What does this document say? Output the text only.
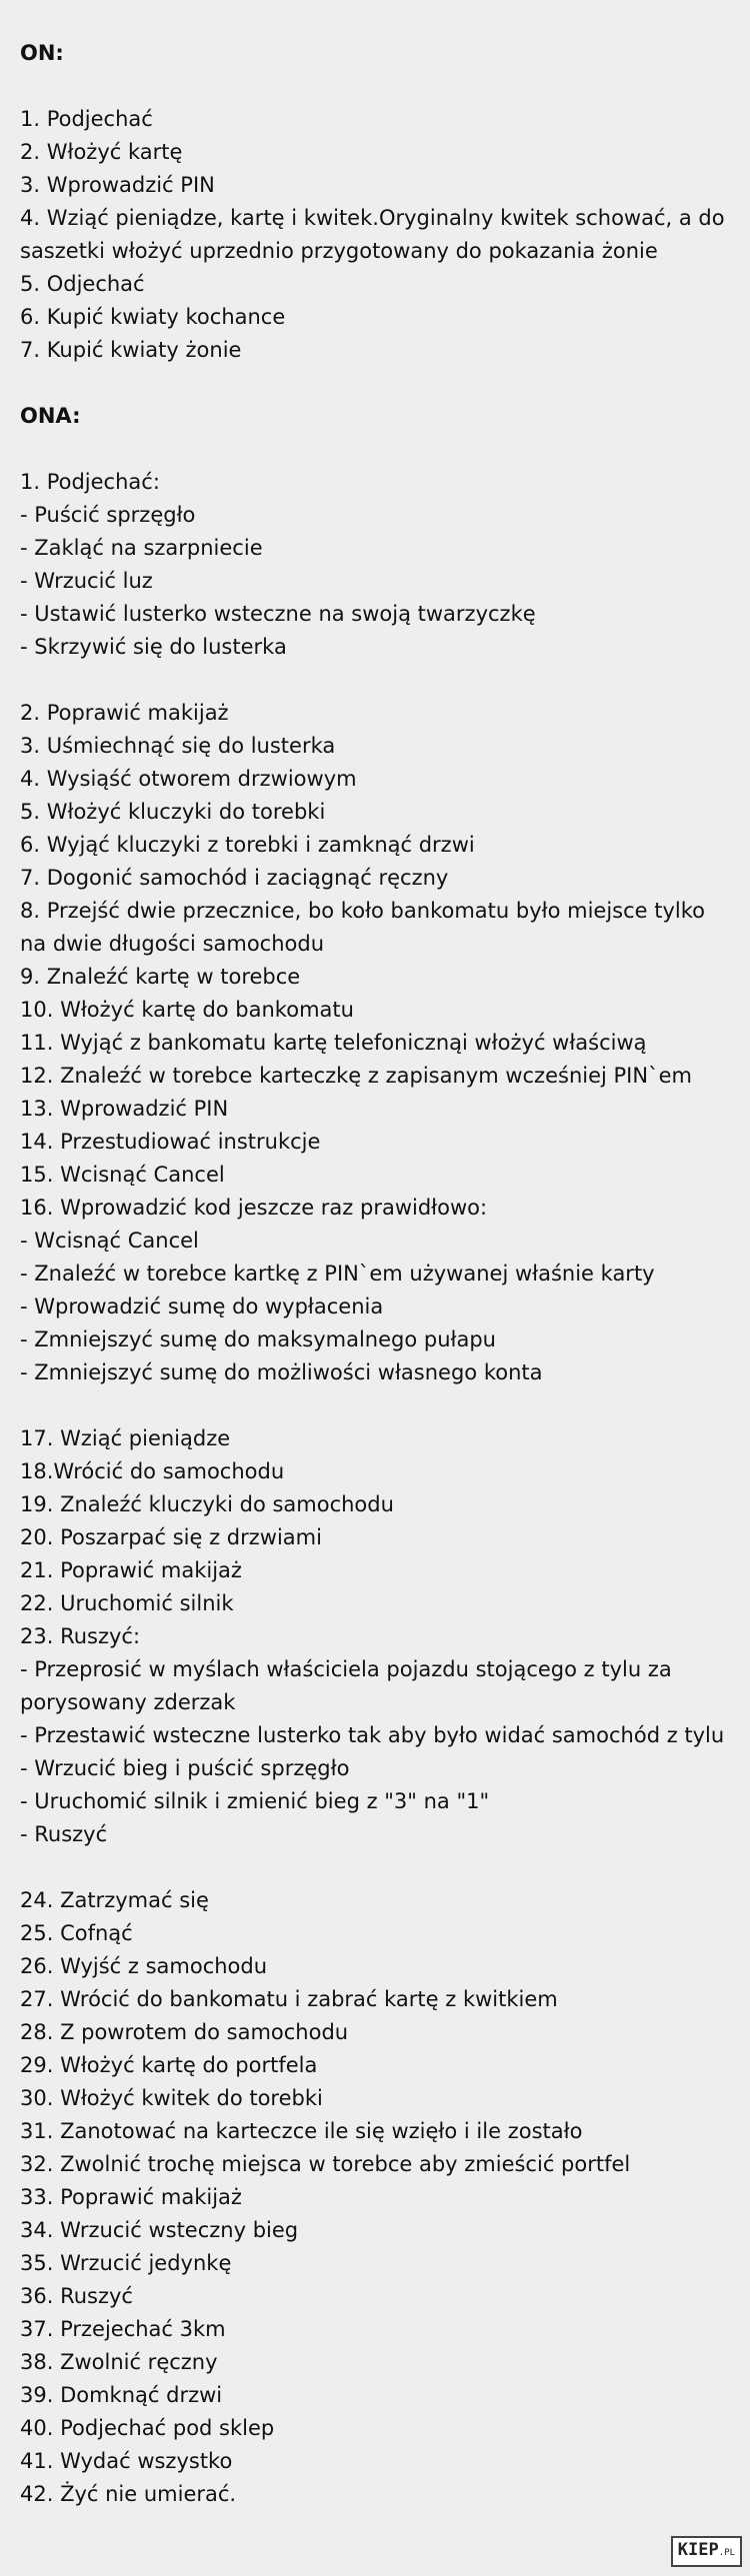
ON:
1. Podjechać
2. Włożyć kartę
3. Wprowadzić PIN
4. Wziąć pieniądze, kartę i kwitek.Oryginalny kwitek schować, a do saszetki włożyć uprzednio przygotowany do pokazania żonie
5. Odjechać
6. Kupić kwiaty kochance
7. Kupić kwiaty żonie
ONA:
1. Podjechać:
- Puścić sprzęgło
- Zakląć na szarpniecie
- Wrzucić luz
- Ustawić lusterko wsteczne na swoją twarzyczkę
- Skrzywić się do lusterka
2. Poprawić makijaż
3. Uśmiechnąć się do lusterka
4. Wysiąść otworem drzwiowym
5. Włożyć kluczyki do torebki
6. Wyjąć kluczyki z torebki i zamknąć drzwi
7. Dogonić samochód i zaciągnąć ręczny
8. Przejść dwie przecznice, bo koło bankomatu było miejsce tylko na dwie długości samochodu
9. Znaleźć kartę w torebce
10. Włożyć kartę do bankomatu
11. Wyjąć z bankomatu kartę telefonicznąi włożyć właściwą
12. Znaleźć w torebce karteczkę z zapisanym wcześniej PIN`em
13. Wprowadzić PIN
14. Przestudiować instrukcje
15. Wcisnąć Cancel
16. Wprowadzić kod jeszcze raz prawidłowo:
- Wcisnąć Cancel
- Znaleźć w torebce kartkę z PIN`em używanej właśnie karty
- Wprowadzić sumę do wypłacenia
- Zmniejszyć sumę do maksymalnego pułapu
- Zmniejszyć sumę do możliwości własnego konta
17. Wziąć pieniądze
18.Wrócić do samochodu
19. Znaleźć kluczyki do samochodu
20. Poszarpać się z drzwiami
21. Poprawić makijaż
22. Uruchomić silnik
23. Ruszyć:
- Przeprosić w myślach właściciela pojazdu stojącego z tylu za porysowany zderzak
- Przestawić wsteczne lusterko tak aby było widać samochód z tylu
- Wrzucić bieg i puścić sprzęgło
- Uruchomić silnik i zmienić bieg z "3" na "1"
- Ruszyć
24. Zatrzymać się
25. Cofnąć
26. Wyjść z samochodu
27. Wrócić do bankomatu i zabrać kartę z kwitkiem
28. Z powrotem do samochodu
29. Włożyć kartę do portfela
30. Włożyć kwitek do torebki
31. Zanotować na karteczce ile się wzięło i ile zostało
32. Zwolnić trochę miejsca w torebce aby zmieścić portfel
33. Poprawić makijaż
34. Wrzucić wsteczny bieg
35. Wrzucić jedynkę
36. Ruszyć
37. Przejechać 3km
38. Zwolnić ręczny
39. Domknąć drzwi
40. Podjechać pod sklep
41. Wydać wszystko
42. Żyć nie umierać.
KIEP.PL
